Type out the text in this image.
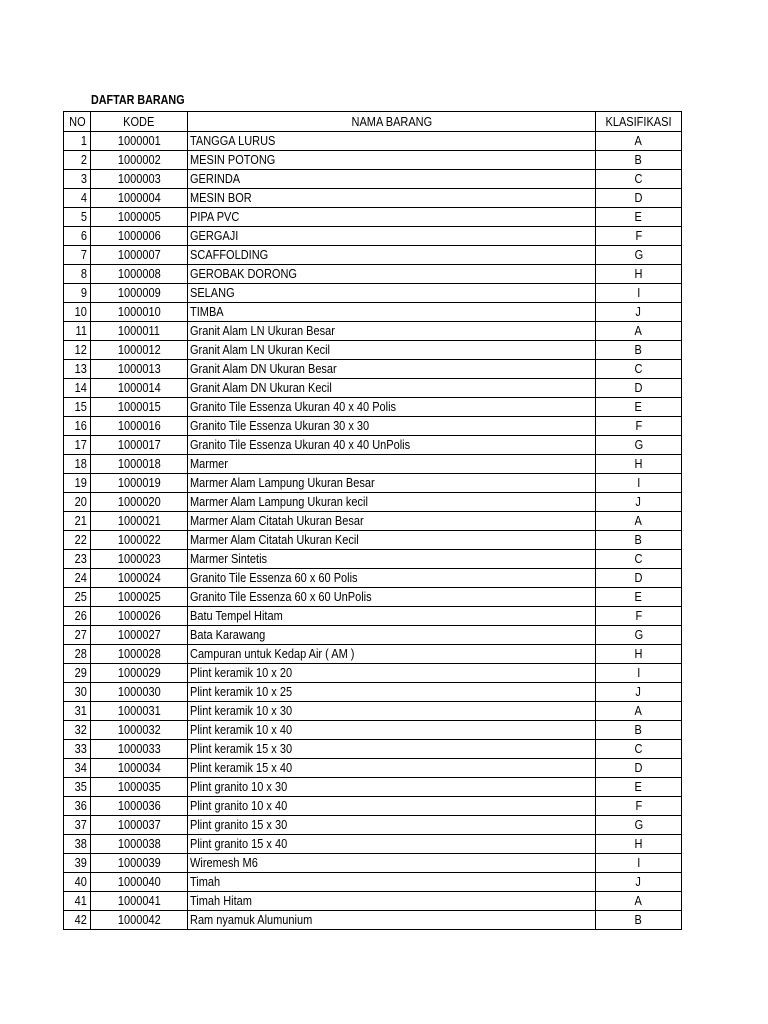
DAFTAR BARANG
NO	KODE	NAMA BARANG	KLASIFIKASI
1	1000001	TANGGA LURUS	A
2	1000002	MESIN POTONG	B
3	1000003	GERINDA	C
4	1000004	MESIN BOR	D
5	1000005	PIPA PVC	E
6	1000006	GERGAJI	F
7	1000007	SCAFFOLDING	G
8	1000008	GEROBAK DORONG	H
9	1000009	SELANG	I
10	1000010	TIMBA	J
11	1000011	Granit Alam LN Ukuran Besar	A
12	1000012	Granit Alam LN Ukuran Kecil	B
13	1000013	Granit Alam DN Ukuran Besar	C
14	1000014	Granit Alam DN Ukuran Kecil	D
15	1000015	Granito Tile Essenza Ukuran 40 x 40 Polis	E
16	1000016	Granito Tile Essenza Ukuran 30 x 30	F
17	1000017	Granito Tile Essenza Ukuran 40 x 40 UnPolis	G
18	1000018	Marmer	H
19	1000019	Marmer Alam Lampung Ukuran Besar	I
20	1000020	Marmer Alam Lampung Ukuran kecil	J
21	1000021	Marmer Alam Citatah Ukuran Besar	A
22	1000022	Marmer Alam Citatah Ukuran Kecil	B
23	1000023	Marmer Sintetis	C
24	1000024	Granito Tile Essenza 60 x 60 Polis	D
25	1000025	Granito Tile Essenza 60 x 60 UnPolis	E
26	1000026	Batu Tempel Hitam	F
27	1000027	Bata Karawang	G
28	1000028	Campuran untuk Kedap Air ( AM )	H
29	1000029	Plint keramik 10 x 20	I
30	1000030	Plint keramik 10 x 25	J
31	1000031	Plint keramik 10 x 30	A
32	1000032	Plint keramik 10 x 40	B
33	1000033	Plint keramik 15 x 30	C
34	1000034	Plint keramik 15 x 40	D
35	1000035	Plint granito 10 x 30	E
36	1000036	Plint granito 10 x 40	F
37	1000037	Plint granito 15 x 30	G
38	1000038	Plint granito 15 x 40	H
39	1000039	Wiremesh M6	I
40	1000040	Timah	J
41	1000041	Timah Hitam	A
42	1000042	Ram nyamuk Alumunium	B
